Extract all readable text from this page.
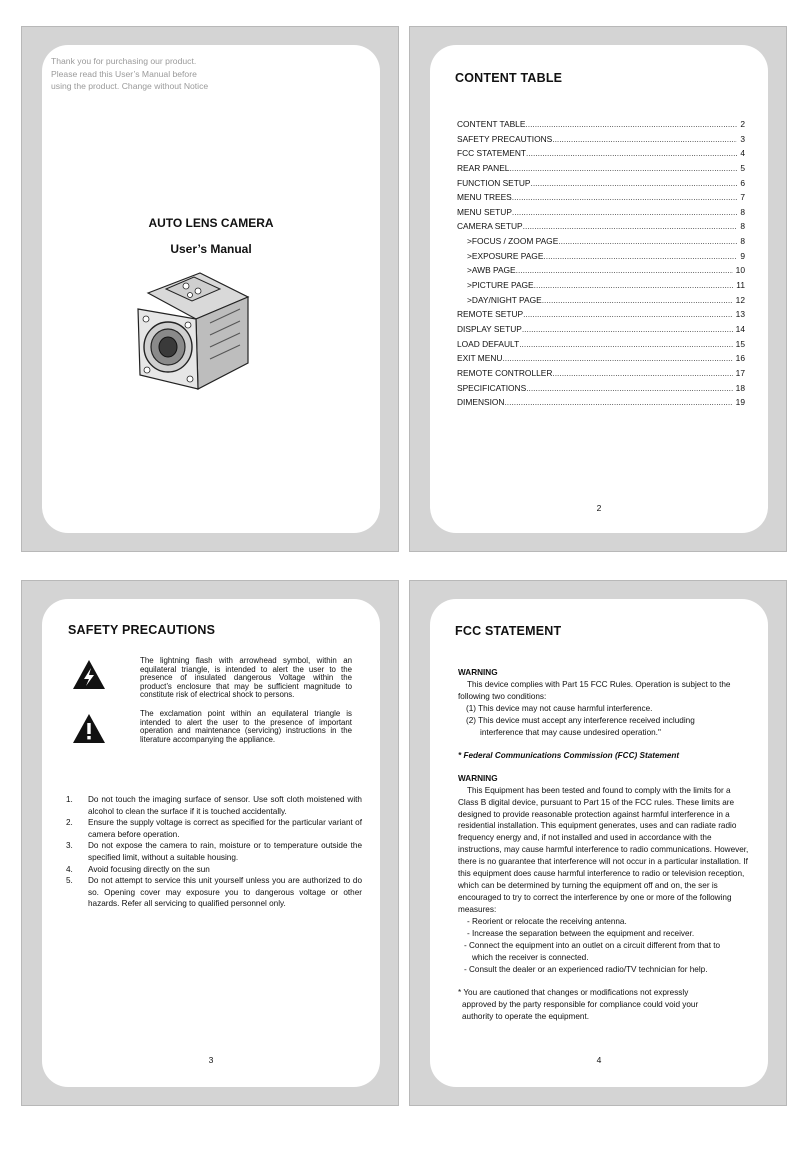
Thank you for purchasing our product.
Please read this User’s Manual before
using the product. Change without Notice
AUTO LENS CAMERA
User’s Manual
CONTENT TABLE
CONTENT TABLE .....	2
SAFETY PRECAUTIONS .....	3
FCC STATEMENT .....	4
REAR PANEL .....	5
FUNCTION SETUP .....	6
MENU TREES .....	7
MENU SETUP .....	8
CAMERA SETUP .....	8
>FOCUS / ZOOM PAGE .....	8
>EXPOSURE PAGE .....	9
>AWB PAGE .....	10
>PICTURE PAGE .....	11
>DAY/NIGHT PAGE .....	12
REMOTE SETUP .....	13
DISPLAY SETUP .....	14
LOAD DEFAULT .....	15
EXIT MENU .....	16
REMOTE CONTROLLER .....	17
SPECIFICATIONS .....	18
DIMENSION .....	19
2
SAFETY PRECAUTIONS
The lightning flash with arrowhead symbol, within an equilateral triangle, is intended to alert the user to the presence of insulated dangerous Voltage within the product’s enclosure that may be sufficient magnitude to constitute risk of electrical shock to persons.
The exclamation point within an equilateral triangle is intended to alert the user to the presence of important operation and maintenance (servicing) instructions in the literature accompanying the appliance.
1.	Do not touch the imaging surface of sensor. Use soft cloth moistened with alcohol to clean the surface if it is touched accidentally.
2.	Ensure the supply voltage is correct as specified for the particular variant of camera before operation.
3.	Do not expose the camera to rain, moisture or to temperature outside the specified limit, without a suitable housing.
4.	Avoid focusing directly on the sun
5.	Do not attempt to service this unit yourself unless you are authorized to do so. Opening cover may exposure you to dangerous voltage or other hazards. Refer all servicing to qualified personnel only.
3
FCC STATEMENT

WARNING

This device complies with Part 15 FCC Rules. Operation is subject to the following two conditions:

(1) This device may not cause harmful interference.

(2) This device must accept any interference received including

interference that may cause undesired operation."

* Federal Communications Commission (FCC) Statement

WARNING

This Equipment has been tested and found to comply with the limits for a Class B digital device, pursuant to Part 15 of the FCC rules. These limits are designed to provide reasonable protection against harmful interference in a residential installation. This equipment generates, uses and can radiate radio frequency energy and, if not installed and used in accordance with the instructions, may cause harmful interference to radio communications. However, there is no guarantee that interference will not occur in a particular installation. If this equipment does cause harmful interference to radio or television reception, which can be determined by turning the equipment off and on, the ser is encouraged to try to correct the interference by one or more of the following measures:

- Reorient or relocate the receiving antenna.

- Increase the separation between the equipment and receiver.

- Connect the equipment into an outlet on a circuit different from that to

which the receiver is connected.

- Consult the dealer or an experienced radio/TV technician for help.

* You are cautioned that changes or modifications not expressly

approved by the party responsible for compliance could void your

authority to operate the equipment.

4
